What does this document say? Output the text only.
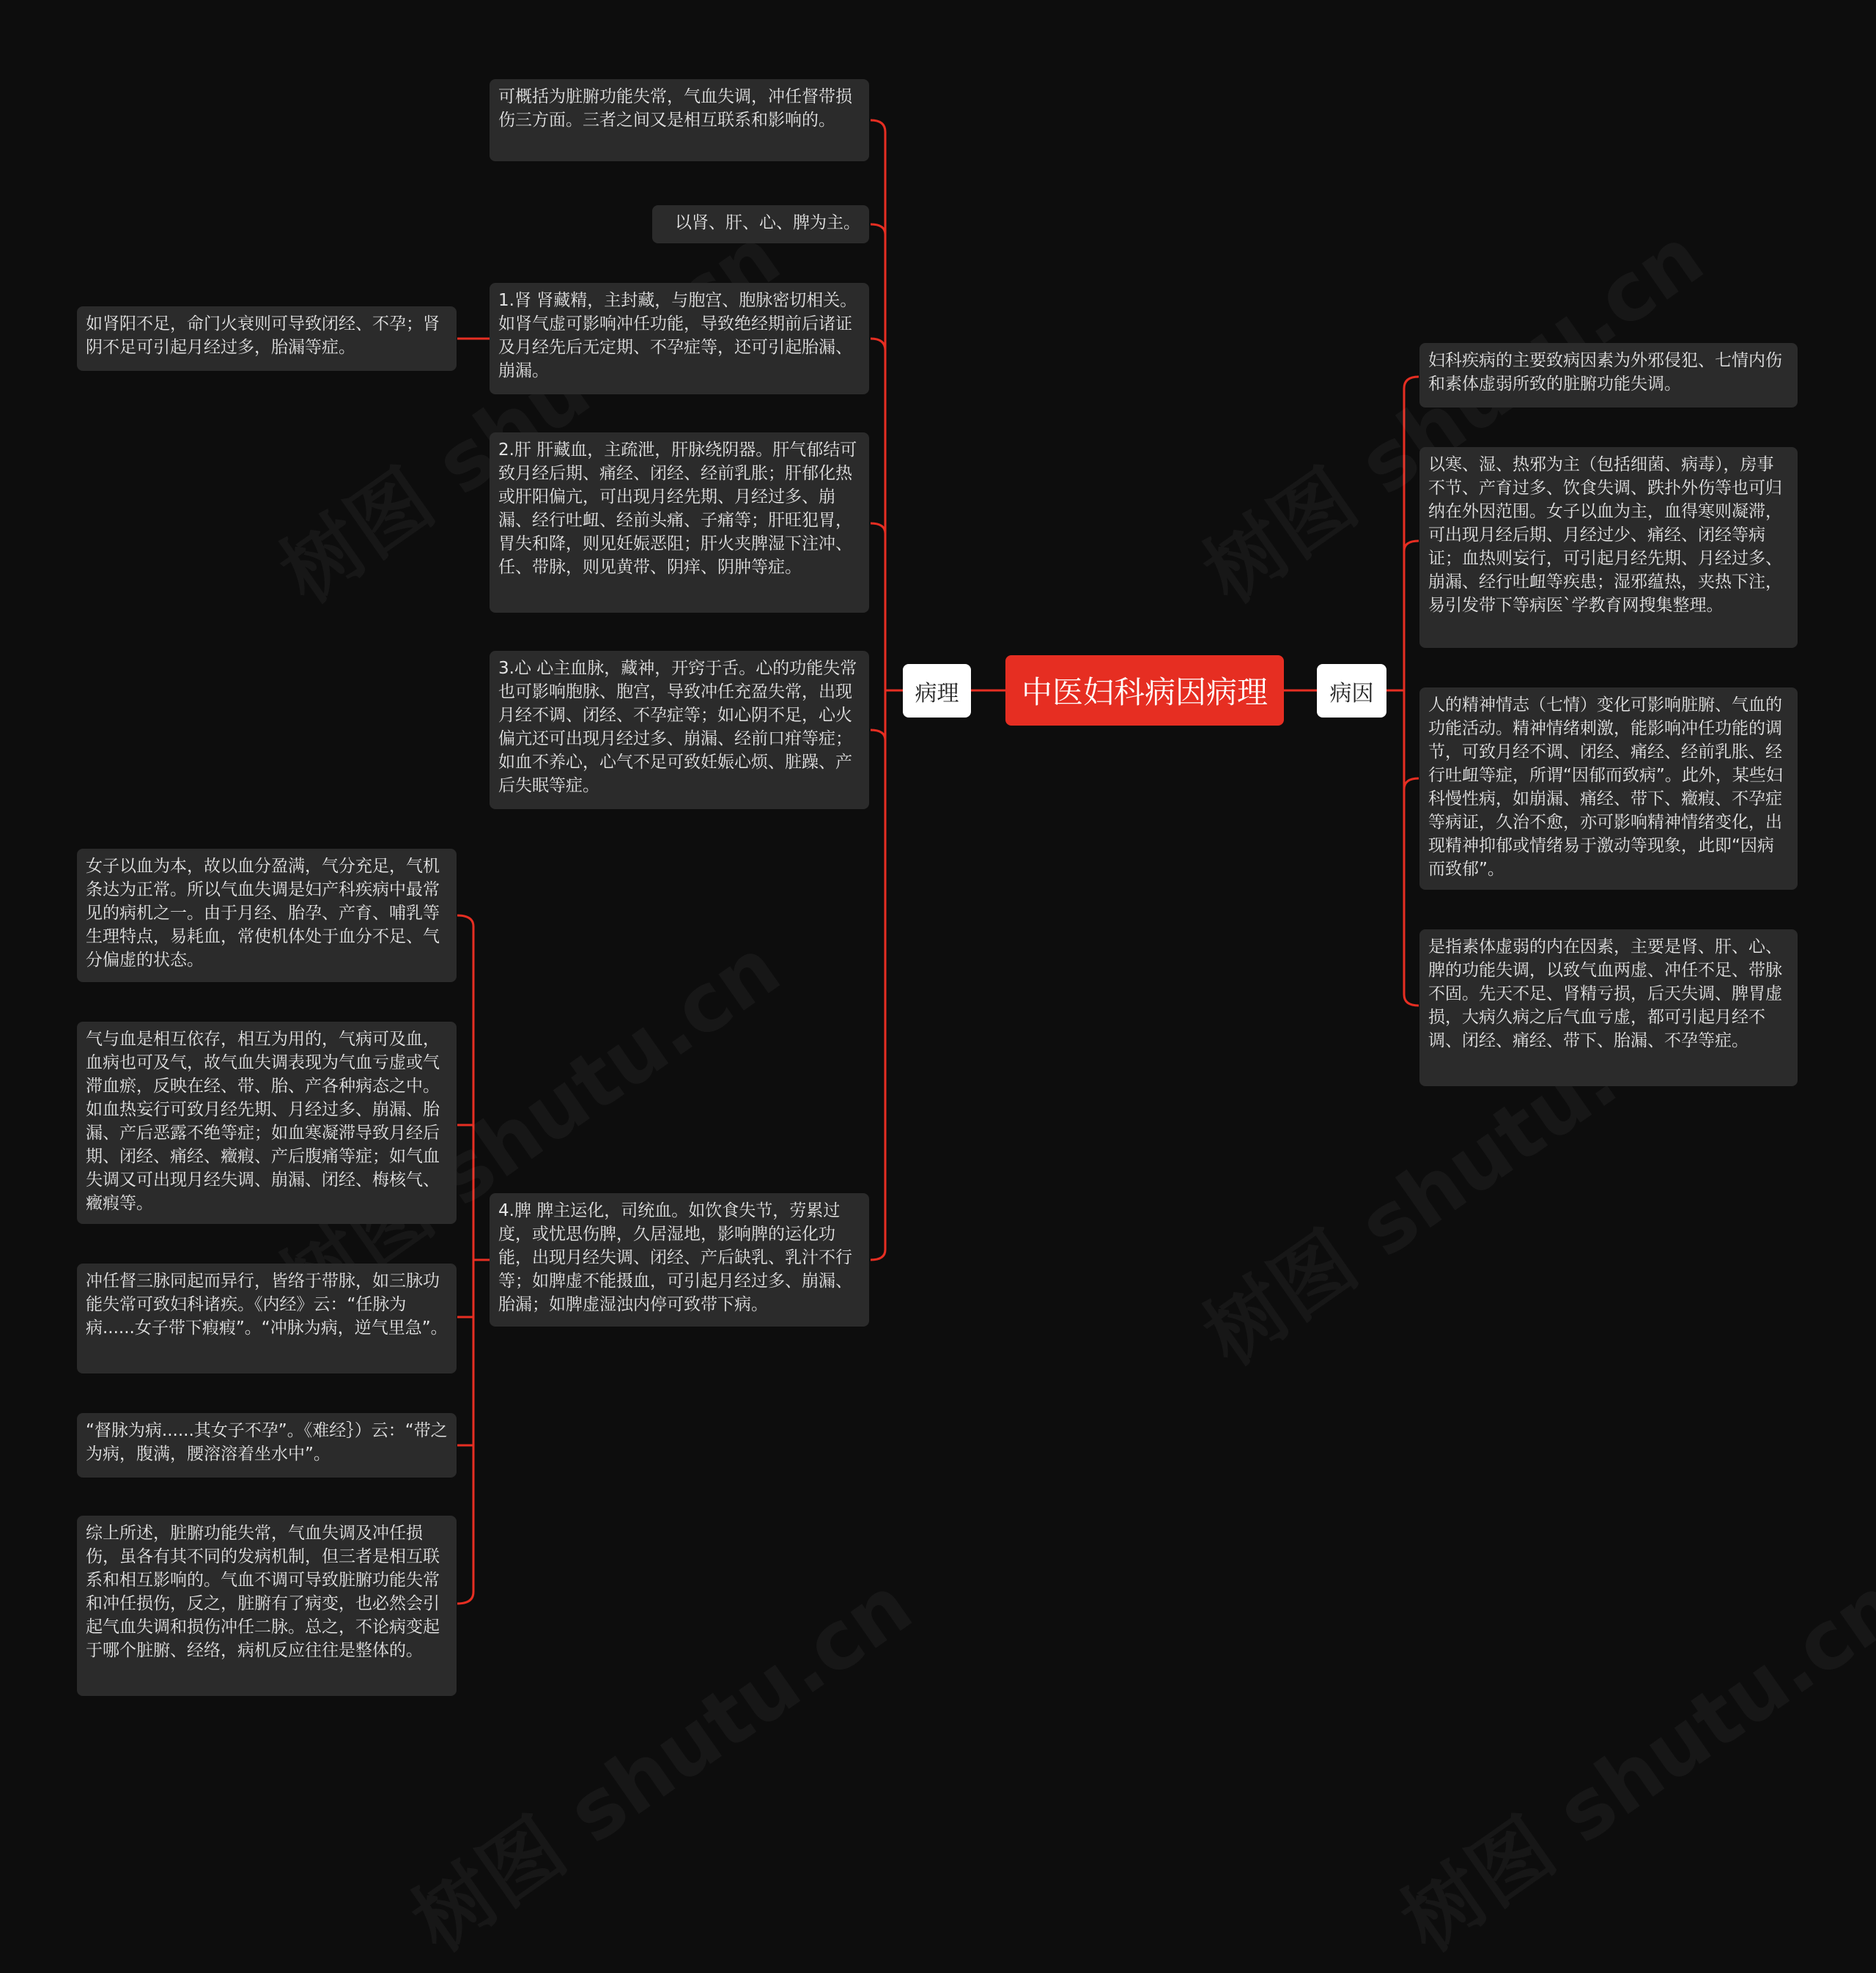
中医妇科病因病理
病理	病因
可概括为脏腑功能失常，气血失调，冲任督带损伤三方面。三者之间又是相互联系和影响的。
以肾、肝、心、脾为主。
1.肾 肾藏精，主封藏，与胞宫、胞脉密切相关。如肾气虚可影响冲任功能，导致绝经期前后诸证及月经先后无定期、不孕症等，还可引起胎漏、崩漏。
如肾阳不足，命门火衰则可导致闭经、不孕；肾阴不足可引起月经过多，胎漏等症。
2.肝 肝藏血，主疏泄，肝脉绕阴器。肝气郁结可致月经后期、痛经、闭经、经前乳胀；肝郁化热或肝阳偏亢，可出现月经先期、月经过多、崩漏、经行吐衄、经前头痛、子痛等；肝旺犯胃，胃失和降，则见妊娠恶阻；肝火夹脾湿下注冲、任、带脉，则见黄带、阴痒、阴肿等症。
3.心 心主血脉，藏神，开窍于舌。心的功能失常也可影响胞脉、胞宫，导致冲任充盈失常，出现月经不调、闭经、不孕症等；如心阴不足，心火偏亢还可出现月经过多、崩漏、经前口疳等症；如血不养心，心气不足可致妊娠心烦、脏躁、产后失眠等症。
4.脾 脾主运化，司统血。如饮食失节，劳累过度，或忧思伤脾，久居湿地，影响脾的运化功能，出现月经失调、闭经、产后缺乳、乳汁不行等；如脾虚不能摄血，可引起月经过多、崩漏、胎漏；如脾虚湿浊内停可致带下病。
女子以血为本，故以血分盈满，气分充足，气机条达为正常。所以气血失调是妇产科疾病中最常见的病机之一。由于月经、胎孕、产育、哺乳等生理特点，易耗血，常使机体处于血分不足、气分偏虚的状态。
气与血是相互依存，相互为用的，气病可及血，血病也可及气，故气血失调表现为气血亏虚或气滞血瘀，反映在经、带、胎、产各种病态之中。如血热妄行可致月经先期、月经过多、崩漏、胎漏、产后恶露不绝等症；如血寒凝滞导致月经后期、闭经、痛经、癥瘕、产后腹痛等症；如气血失调又可出现月经失调、崩漏、闭经、梅核气、癥瘕等。
冲任督三脉同起而异行，皆络于带脉，如三脉功能失常可致妇科诸疾。《内经》云：“任脉为病......女子带下瘕瘕”。“冲脉为病，逆气里急”。
“督脉为病......其女子不孕”。《难经｝）云：“带之为病，腹满，腰溶溶着坐水中”。
综上所述，脏腑功能失常，气血失调及冲任损伤，虽各有其不同的发病机制，但三者是相互联系和相互影响的。气血不调可导致脏腑功能失常和冲任损伤，反之，脏腑有了病变，也必然会引起气血失调和损伤冲任二脉。总之，不论病变起于哪个脏腑、经络，病机反应往往是整体的。
妇科疾病的主要致病因素为外邪侵犯、七情内伤和素体虚弱所致的脏腑功能失调。
以寒、湿、热邪为主（包括细菌、病毒），房事不节、产育过多、饮食失调、跌扑外伤等也可归纳在外因范围。女子以血为主，血得寒则凝滞，可出现月经后期、月经过少、痛经、闭经等病证；血热则妄行，可引起月经先期、月经过多、崩漏、经行吐衄等疾患；湿邪蕴热，夹热下注，易引发带下等病医`学教育网搜集整理。
人的精神情志（七情）变化可影响脏腑、气血的功能活动。精神情绪刺激，能影响冲任功能的调节，可致月经不调、闭经、痛经、经前乳胀、经行吐衄等症，所谓“因郁而致病”。此外，某些妇科慢性病，如崩漏、痛经、带下、癥瘕、不孕症等病证，久治不愈，亦可影响精神情绪变化，出现精神抑郁或情绪易于激动等现象，此即“因病而致郁”。
是指素体虚弱的内在因素，主要是肾、肝、心、脾的功能失调，以致气血两虚、冲任不足、带脉不固。先天不足、肾精亏损，后天失调、脾胃虚损，大病久病之后气血亏虚，都可引起月经不调、闭经、痛经、带下、胎漏、不孕等症。
